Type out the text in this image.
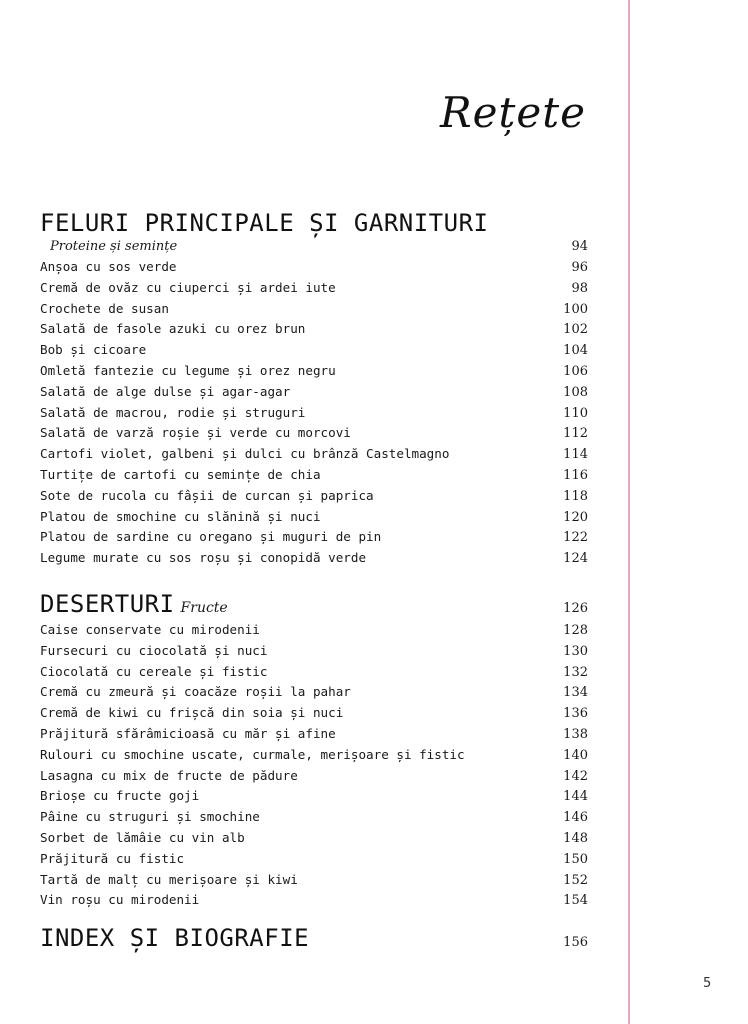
Rețete
FELURI PRINCIPALE ȘI GARNITURI
Proteine și semințe	94
Anșoa cu sos verde	96
Cremă de ovăz cu ciuperci și ardei iute	98
Crochete de susan	100
Salată de fasole azuki cu orez brun	102
Bob și cicoare	104
Omletă fantezie cu legume și orez negru	106
Salată de alge dulse și agar-agar	108
Salată de macrou, rodie și struguri	110
Salată de varză roșie și verde cu morcovi	112
Cartofi violet, galbeni și dulci cu brânză Castelmagno	114
Turtițe de cartofi cu semințe de chia	116
Sote de rucola cu fâșii de curcan și paprica	118
Platou de smochine cu slănină și nuci	120
Platou de sardine cu oregano și muguri de pin	122
Legume murate cu sos roșu și conopidă verde	124
DESERTURI Fructe	126
Caise conservate cu mirodenii	128
Fursecuri cu ciocolată și nuci	130
Ciocolată cu cereale și fistic	132
Cremă cu zmeură și coacăze roșii la pahar	134
Cremă de kiwi cu frișcă din soia și nuci	136
Prăjitură sfărâmicioasă cu măr și afine	138
Rulouri cu smochine uscate, curmale, merișoare și fistic	140
Lasagna cu mix de fructe de pădure	142
Brioșe cu fructe goji	144
Pâine cu struguri și smochine	146
Sorbet de lămâie cu vin alb	148
Prăjitură cu fistic	150
Tartă de malț cu merișoare și kiwi	152
Vin roșu cu mirodenii	154
INDEX ȘI BIOGRAFIE	156
5
